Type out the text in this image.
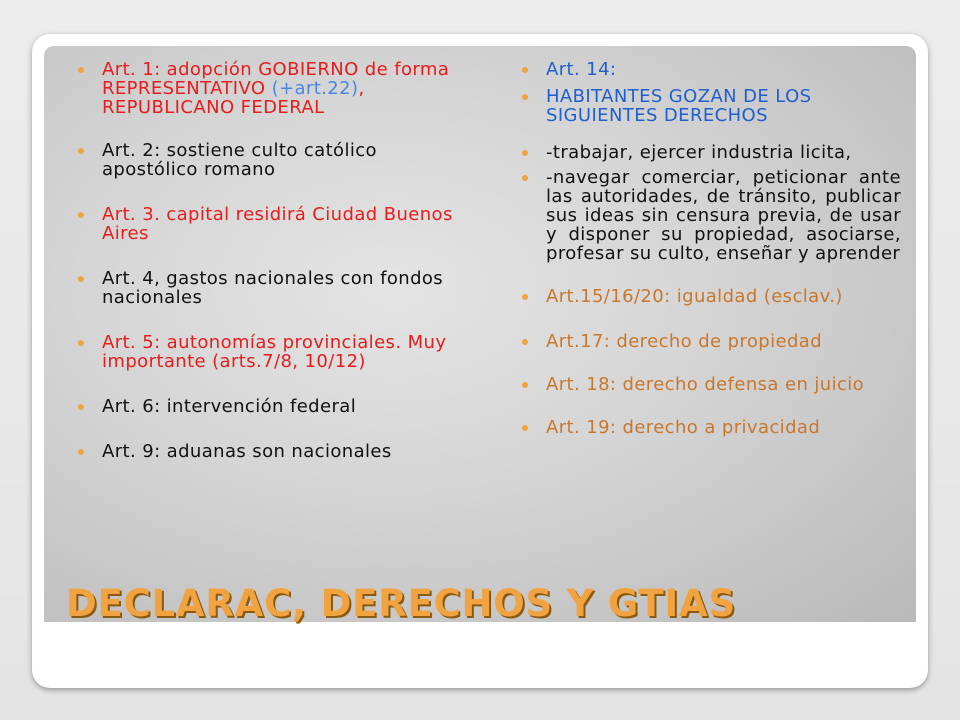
Art. 1: adopción GOBIERNO de forma REPRESENTATIVO (+art.22), REPUBLICANO FEDERAL
Art. 2: sostiene culto católico apostólico romano
Art. 3. capital residirá Ciudad Buenos Aires
Art. 4, gastos nacionales con fondos nacionales
Art. 5: autonomías provinciales. Muy importante (arts.7/8, 10/12)
Art. 6: intervención federal
Art. 9: aduanas son nacionales
Art. 14:
HABITANTES GOZAN DE LOS SIGUIENTES DERECHOS
-trabajar, ejercer industria licita,
-navegar comerciar, peticionar ante las autoridades, de tránsito, publicar sus ideas sin censura previa, de usar y disponer su propiedad, asociarse, profesar su culto, enseñar y aprender
Art.15/16/20: igualdad (esclav.)
Art.17: derecho de propiedad
Art. 18: derecho defensa en juicio
Art. 19: derecho a privacidad
DECLARAC, DERECHOS Y GTIAS
